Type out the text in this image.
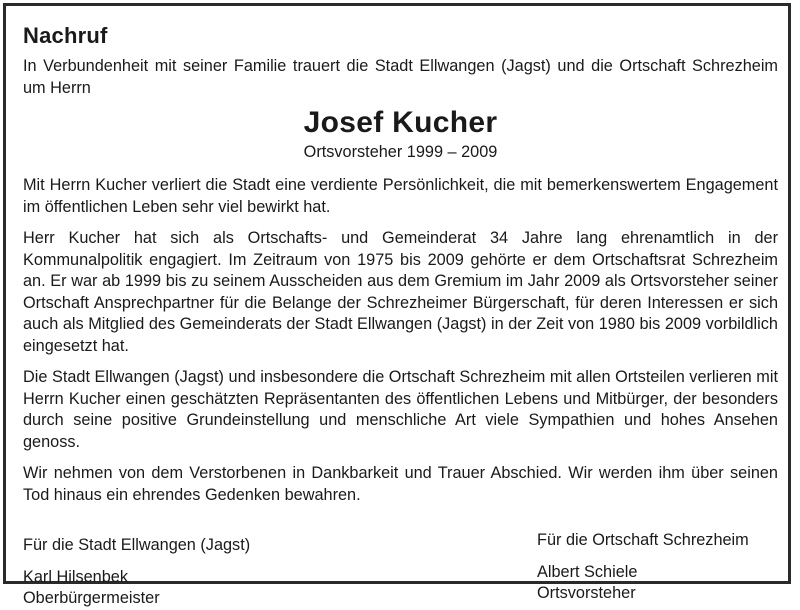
Nachruf

In Verbundenheit mit seiner Familie trauert die Stadt Ellwangen (Jagst) und die Ortschaft Schrezheim um Herrn

Josef Kucher
Ortsvorsteher 1999 – 2009

Mit Herrn Kucher verliert die Stadt eine verdiente Persönlichkeit, die mit bemerkenswertem Engagement im öffentlichen Leben sehr viel bewirkt hat.

Herr Kucher hat sich als Ortschafts- und Gemeinderat 34 Jahre lang ehrenamtlich in der Kommunalpolitik engagiert. Im Zeitraum von 1975 bis 2009 gehörte er dem Ortschaftsrat Schrezheim an. Er war ab 1999 bis zu seinem Ausscheiden aus dem Gremium im Jahr 2009 als Ortsvorsteher seiner Ortschaft Ansprechpartner für die Belange der Schrezheimer Bürgerschaft, für deren Interessen er sich auch als Mitglied des Gemeinderats der Stadt Ellwangen (Jagst) in der Zeit von 1980 bis 2009 vorbildlich eingesetzt hat.

Die Stadt Ellwangen (Jagst) und insbesondere die Ortschaft Schrezheim mit allen Ortsteilen verlieren mit Herrn Kucher einen geschätzten Repräsentanten des öffentlichen Lebens und Mitbürger, der besonders durch seine positive Grundeinstellung und menschliche Art viele Sympathien und hohes Ansehen genoss.

Wir nehmen von dem Verstorbenen in Dankbarkeit und Trauer Abschied. Wir werden ihm über seinen Tod hinaus ein ehrendes Gedenken bewahren.

Für die Stadt Ellwangen (Jagst)
Karl Hilsenbek
Oberbürgermeister
Für die Ortschaft Schrezheim
Albert Schiele
Ortsvorsteher
